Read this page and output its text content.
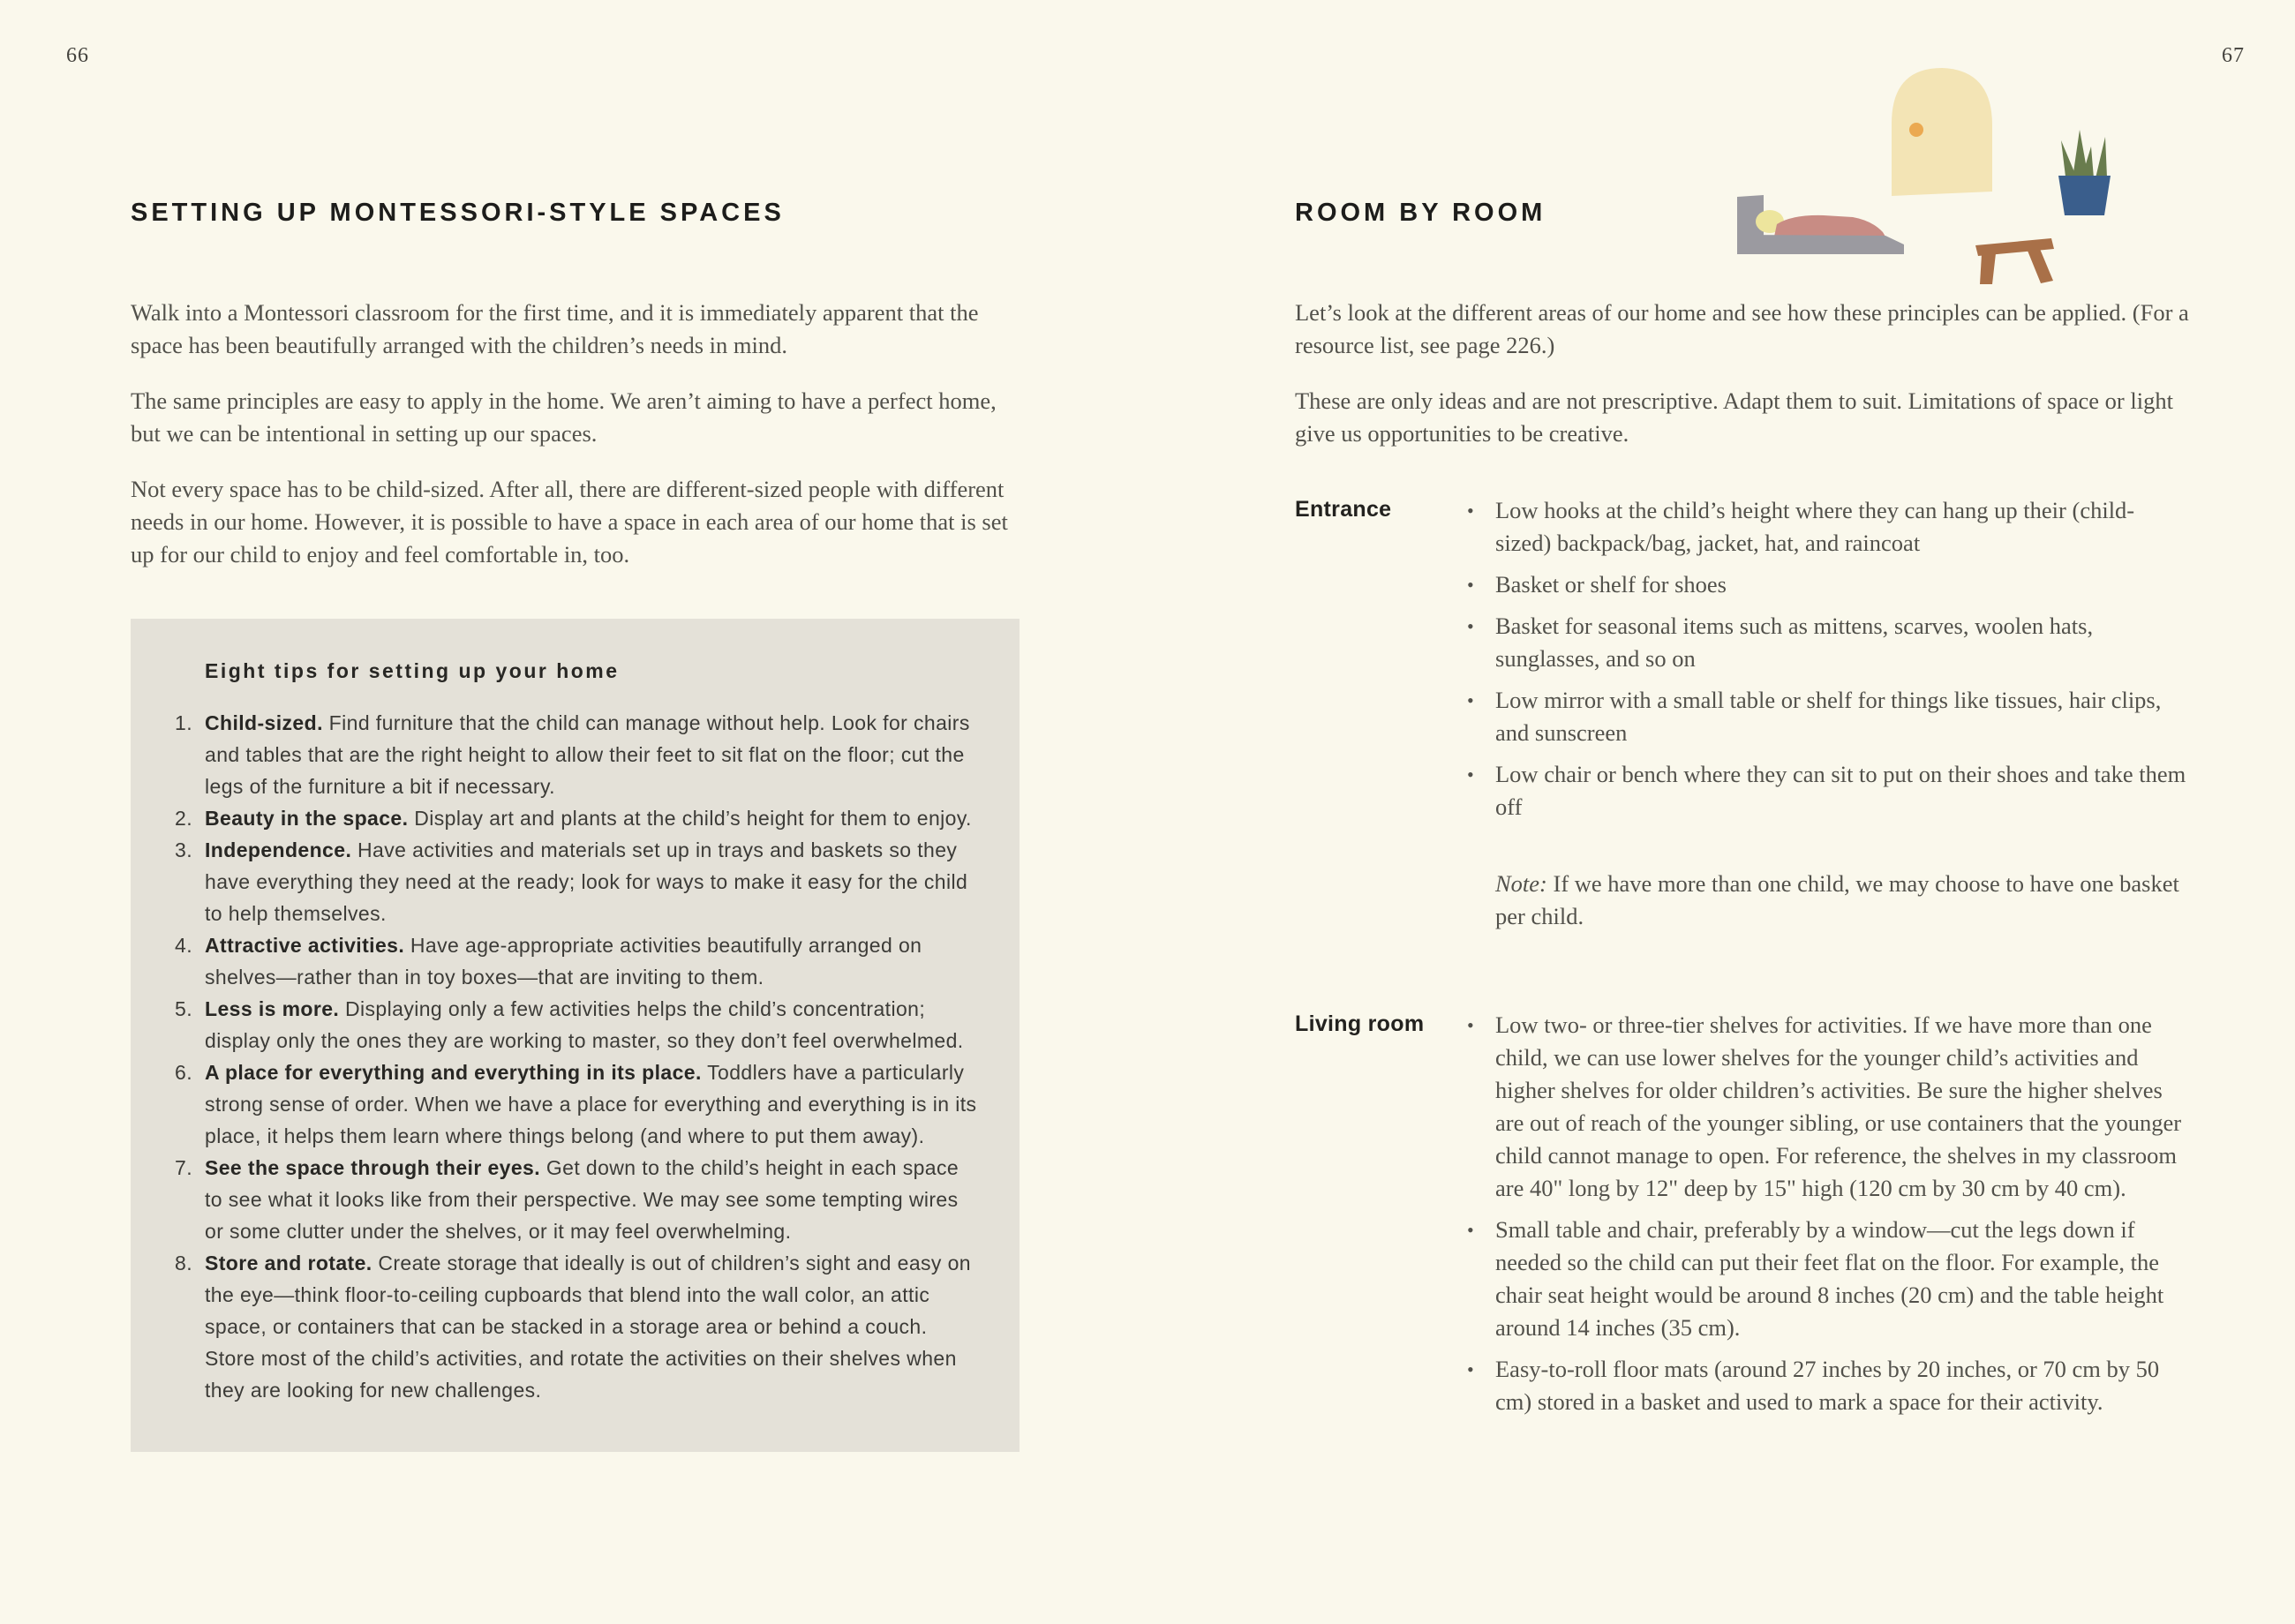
66	67
SETTING UP MONTESSORI-STYLE SPACES

Walk into a Montessori classroom for the first time, and it is immediately apparent that the space has been beautifully arranged with the children’s needs in mind.

The same principles are easy to apply in the home. We aren’t aiming to have a perfect home, but we can be intentional in setting up our spaces.

Not every space has to be child-sized. After all, there are different-sized people with different needs in our home. However, it is possible to have a space in each area of our home that is set up for our child to enjoy and feel comfortable in, too.

Eight tips for setting up your home
1. Child-sized. Find furniture that the child can manage without help. Look for chairs and tables that are the right height to allow their feet to sit flat on the floor; cut the legs of the furniture a bit if necessary.
2. Beauty in the space. Display art and plants at the child’s height for them to enjoy.
3. Independence. Have activities and materials set up in trays and baskets so they have everything they need at the ready; look for ways to make it easy for the child to help themselves.
4. Attractive activities. Have age-appropriate activities beautifully arranged on shelves—rather than in toy boxes—that are inviting to them.
5. Less is more. Displaying only a few activities helps the child’s concentration; display only the ones they are working to master, so they don’t feel overwhelmed.
6. A place for everything and everything in its place. Toddlers have a particularly strong sense of order. When we have a place for everything and everything is in its place, it helps them learn where things belong (and where to put them away).
7. See the space through their eyes. Get down to the child’s height in each space to see what it looks like from their perspective. We may see some tempting wires or some clutter under the shelves, or it may feel overwhelming.
8. Store and rotate. Create storage that ideally is out of children’s sight and easy on the eye—think floor-to-ceiling cupboards that blend into the wall color, an attic space, or containers that can be stacked in a storage area or behind a couch. Store most of the child’s activities, and rotate the activities on their shelves when they are looking for new challenges.
ROOM BY ROOM

Let’s look at the different areas of our home and see how these principles can be applied. (For a resource list, see page 226.)

These are only ideas and are not prescriptive. Adapt them to suit. Limitations of space or light give us opportunities to be creative.

Entrance	• Low hooks at the child’s height where they can hang up their (child-sized) backpack/bag, jacket, hat, and raincoat
• Basket or shelf for shoes
• Basket for seasonal items such as mittens, scarves, woolen hats, sunglasses, and so on
• Low mirror with a small table or shelf for things like tissues, hair clips, and sunscreen
• Low chair or bench where they can sit to put on their shoes and take them off

Note: If we have more than one child, we may choose to have one basket per child.

Living room	• Low two- or three-tier shelves for activities. If we have more than one child, we can use lower shelves for the younger child’s activities and higher shelves for older children’s activities. Be sure the higher shelves are out of reach of the younger sibling, or use containers that the younger child cannot manage to open. For reference, the shelves in my classroom are 40" long by 12" deep by 15" high (120 cm by 30 cm by 40 cm).
• Small table and chair, preferably by a window—cut the legs down if needed so the child can put their feet flat on the floor. For example, the chair seat height would be around 8 inches (20 cm) and the table height around 14 inches (35 cm).
• Easy-to-roll floor mats (around 27 inches by 20 inches, or 70 cm by 50 cm) stored in a basket and used to mark a space for their activity.
